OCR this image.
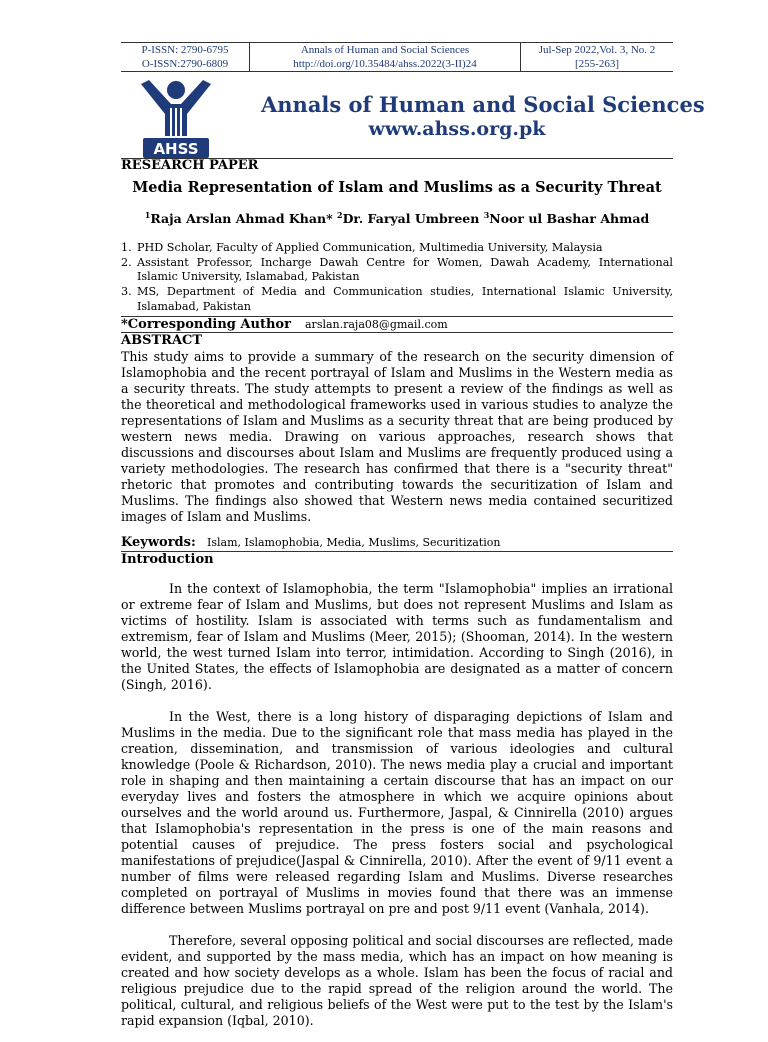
P-ISSN: 2790-6795	Annals of Human and Social Sciences	Jul-Sep 2022,Vol. 3, No. 2
O-ISSN:2790-6809	http://doi.org/10.35484/ahss.2022(3-II)24	[255-263]
AHSS
Annals of Human and Social Sciences
www.ahss.org.pk
RESEARCH PAPER
Media Representation of Islam and Muslims as a Security Threat
$^1$Raja Arslan Ahmad Khan* $^2$Dr. Faryal Umbreen $^3$Noor ul Bashar Ahmad
1. PHD Scholar, Faculty of Applied Communication, Multimedia University, Malaysia
2. Assistant Professor, Incharge Dawah Centre for Women, Dawah Academy, International Islamic University, Islamabad, Pakistan
3. MS, Department of Media and Communication studies, International Islamic University, Islamabad, Pakistan
*Corresponding Author	arslan.raja08@gmail.com
ABSTRACT
This study aims to provide a summary of the research on the security dimension of Islamophobia and the recent portrayal of Islam and Muslims in the Western media as a security threats. The study attempts to present a review of the findings as well as the theoretical and methodological frameworks used in various studies to analyze the representations of Islam and Muslims as a security threat that are being produced by western news media. Drawing on various approaches, research shows that discussions and discourses about Islam and Muslims are frequently produced using a variety methodologies. The research has confirmed that there is a "security threat" rhetoric that promotes and contributing towards the securitization of Islam and Muslims. The findings also showed that Western news media contained securitized images of Islam and Muslims.
Keywords:	Islam, Islamophobia, Media, Muslims, Securitization
Introduction

In the context of Islamophobia, the term "Islamophobia" implies an irrational or extreme fear of Islam and Muslims, but does not represent Muslims and Islam as victims of hostility. Islam is associated with terms such as fundamentalism and extremism, fear of Islam and Muslims (Meer, 2015); (Shooman, 2014). In the western world, the west turned Islam into terror, intimidation. According to Singh (2016), in the United States, the effects of Islamophobia are designated as a matter of concern (Singh, 2016).

In the West, there is a long history of disparaging depictions of Islam and Muslims in the media. Due to the significant role that mass media has played in the creation, dissemination, and transmission of various ideologies and cultural knowledge (Poole & Richardson, 2010). The news media play a crucial and important role in shaping and then maintaining a certain discourse that has an impact on our everyday lives and fosters the atmosphere in which we acquire opinions about ourselves and the world around us. Furthermore, Jaspal, & Cinnirella (2010) argues that Islamophobia's representation in the press is one of the main reasons and potential causes of prejudice. The press fosters social and psychological manifestations of prejudice(Jaspal & Cinnirella, 2010). After the event of 9/11 event a number of films were released regarding Islam and Muslims. Diverse researches completed on portrayal of Muslims in movies found that there was an immense difference between Muslims portrayal on pre and post 9/11 event (Vanhala, 2014).

Therefore, several opposing political and social discourses are reflected, made evident, and supported by the mass media, which has an impact on how meaning is created and how society develops as a whole. Islam has been the focus of racial and religious prejudice due to the rapid spread of the religion around the world. The political, cultural, and religious beliefs of the West were put to the test by the Islam's rapid expansion (Iqbal, 2010).
